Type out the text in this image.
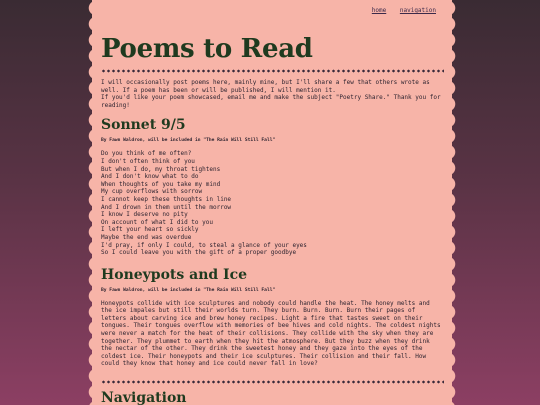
home navigation
Poems to Read

I will occasionally post poems here, mainly mine, but I'll share a few that others wrote as well. If a poem has been or will be published, I will mention it.
If you'd like your poem showcased, email me and make the subject "Poetry Share." Thank you for reading!

Sonnet 9/5
By Fawn Waldron, will be included in "The Rain Will Still Fall"
Do you think of me often?
I don't often think of you
But when I do, my throat tightens
And I don't know what to do
When thoughts of you take my mind
My cup overflows with sorrow
I cannot keep these thoughts in line
And I drown in them until the morrow
I know I deserve no pity
On account of what I did to you
I left your heart so sickly
Maybe the end was overdue
I'd pray, if only I could, to steal a glance of your eyes
So I could leave you with the gift of a proper goodbye
Honeypots and Ice
By Fawn Waldron, will be included in "The Rain Will Still Fall"

Honeypots collide with ice sculptures and nobody could handle the heat. The honey melts and the ice impales but still their worlds turn. They burn. Burn. Burn. Burn their pages of letters about carving ice and brew honey recipes. Light a fire that tastes sweet on their tongues. Their tongues overflow with memories of bee hives and cold nights. The coldest nights were never a match for the heat of their collisions. They collide with the sky when they are together. They plummet to earth when they hit the atmosphere. But they buzz when they drink the nectar of the other. They drink the sweetest honey and they gaze into the eyes of the coldest ice. Their honeypots and their ice sculptures. Their collision and their fall. How could they know that honey and ice could never fall in love?

Navigation
